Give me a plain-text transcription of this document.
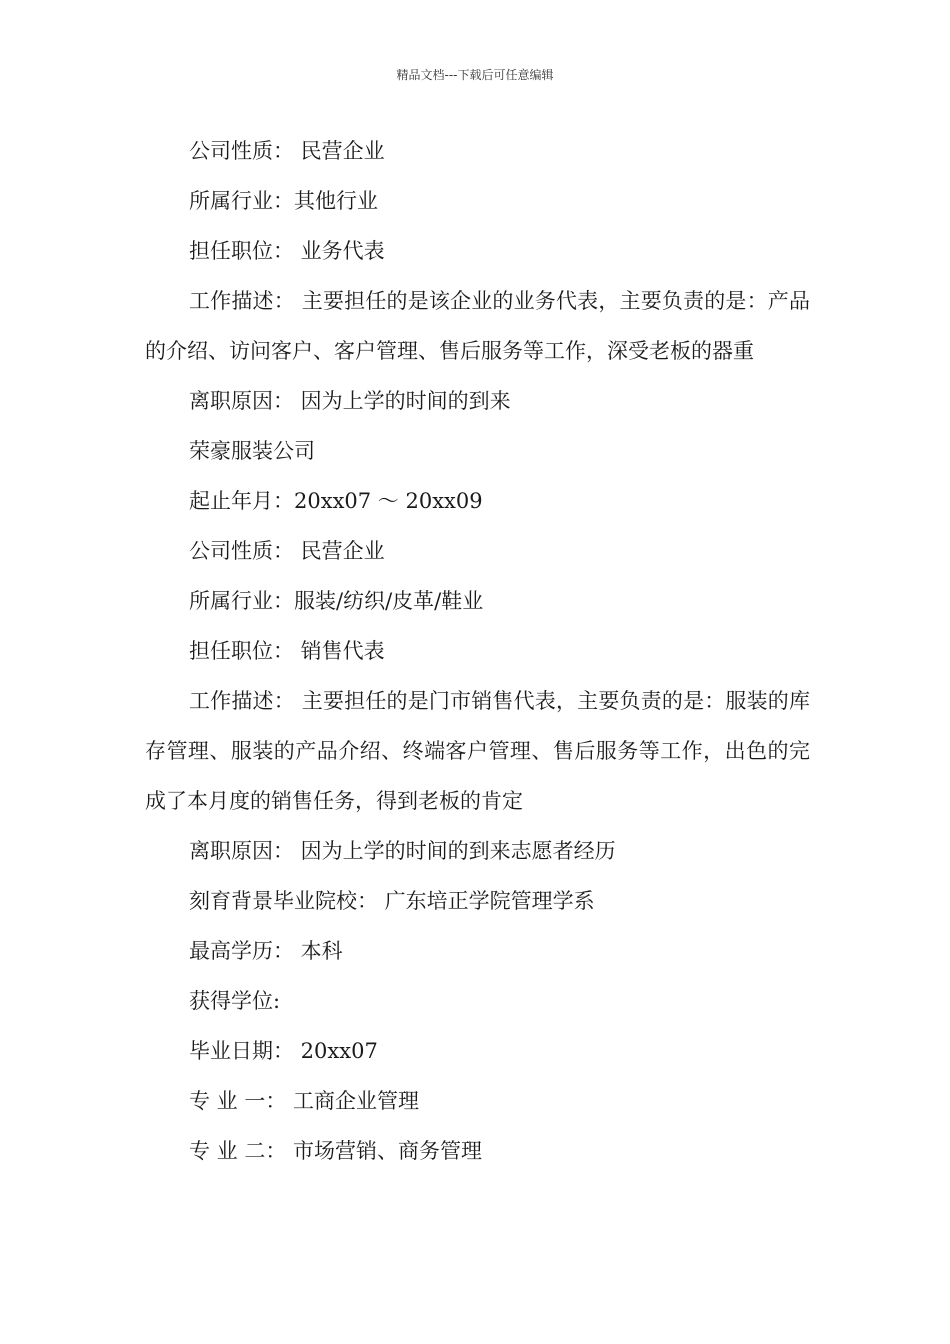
精品文档---下载后可任意编辑
公司性质： 民营企业
所属行业：其他行业
担任职位： 业务代表
工作描述： 主要担任的是该企业的业务代表，主要负责的是：产品的介绍、访问客户、客户管理、售后服务等工作，深受老板的器重
离职原因： 因为上学的时间的到来
荣豪服装公司
起止年月：20xx07 ～ 20xx09
公司性质： 民营企业
所属行业：服装/纺织/皮革/鞋业
担任职位： 销售代表
工作描述： 主要担任的是门市销售代表，主要负责的是：服装的库存管理、服装的产品介绍、终端客户管理、售后服务等工作，出色的完成了本月度的销售任务，得到老板的肯定
离职原因： 因为上学的时间的到来志愿者经历
刻育背景毕业院校： 广东培正学院管理学系
最高学历： 本科
获得学位:
毕业日期： 20xx07
专 业 一： 工商企业管理
专 业 二： 市场营销、商务管理
